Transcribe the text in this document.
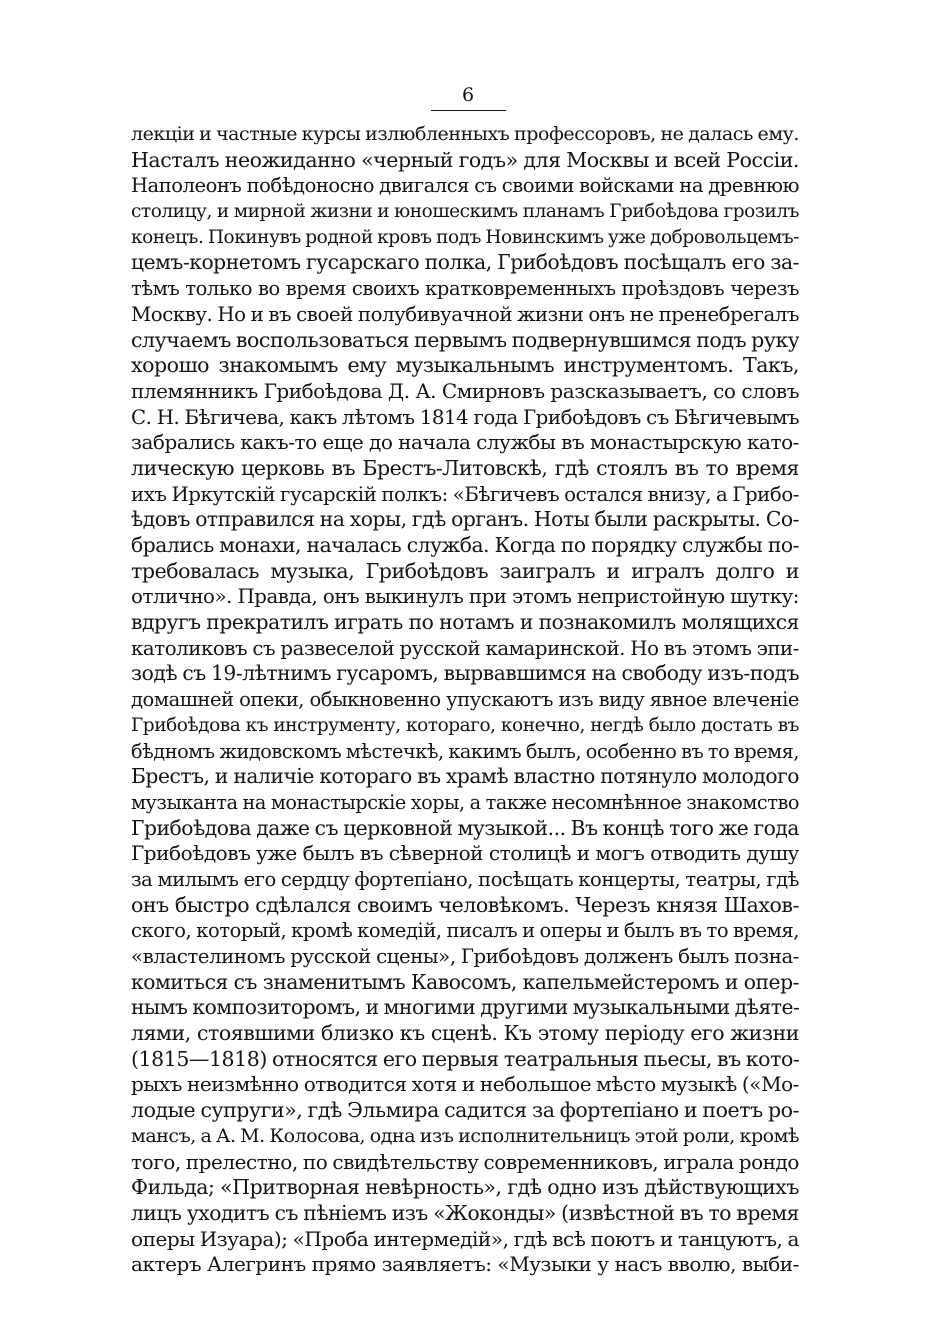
6
лекціи и частные курсы излюбленныхъ профессоровъ, не далась ему.
Насталъ неожиданно «черный годъ» для Москвы и всей Россіи.
Наполеонъ побѣдоносно двигался съ своими войсками на древнюю
столицу, и мирной жизни и юношескимъ планамъ Грибоѣдова грозилъ
конецъ. Покинувъ родной кровъ подъ Новинскимъ уже добровольцемъ-
цемъ-корнетомъ гусарскаго полка, Грибоѣдовъ посѣщалъ его за-
тѣмъ только во время своихъ кратковременныхъ проѣздовъ черезъ
Москву. Но и въ своей полубивуачной жизни онъ не пренебрегалъ
случаемъ воспользоваться первымъ подвернувшимся подъ руку
хорошо знакомымъ ему музыкальнымъ инструментомъ. Такъ,
племянникъ Грибоѣдова Д. А. Смирновъ разсказываетъ, со словъ
С. Н. Бѣгичева, какъ лѣтомъ 1814 года Грибоѣдовъ съ Бѣгичевымъ
забрались какъ-то еще до начала службы въ монастырскую като-
лическую церковь въ Брестъ-Литовскѣ, гдѣ стоялъ въ то время
ихъ Иркутскій гусарскій полкъ: «Бѣгичевъ остался внизу, а Грибо-
ѣдовъ отправился на хоры, гдѣ органъ. Ноты были раскрыты. Со-
брались монахи, началась служба. Когда по порядку службы по-
требовалась музыка, Грибоѣдовъ заигралъ и игралъ долго и
отлично». Правда, онъ выкинулъ при этомъ непристойную шутку:
вдругъ прекратилъ играть по нотамъ и познакомилъ молящихся
католиковъ съ развеселой русской камаринской. Но въ этомъ эпи-
зодѣ съ 19-лѣтнимъ гусаромъ, вырвавшимся на свободу изъ-подъ
домашней опеки, обыкновенно упускаютъ изъ виду явное влеченіе
Грибоѣдова къ инструменту, котораго, конечно, негдѣ было достать въ
бѣдномъ жидовскомъ мѣстечкѣ, какимъ былъ, особенно въ то время,
Брестъ, и наличіе котораго въ храмѣ властно потянуло молодого
музыканта на монастырскіе хоры, а также несомнѣнное знакомство
Грибоѣдова даже съ церковной музыкой... Въ концѣ того же года
Грибоѣдовъ уже былъ въ сѣверной столицѣ и могъ отводить душу
за милымъ его сердцу фортепіано, посѣщать концерты, театры, гдѣ
онъ быстро сдѣлался своимъ человѣкомъ. Черезъ князя Шахов-
ского, который, кромѣ комедій, писалъ и оперы и былъ въ то время,
«властелиномъ русской сцены», Грибоѣдовъ долженъ былъ позна-
комиться съ знаменитымъ Кавосомъ, капельмейстеромъ и опер-
нымъ композиторомъ, и многими другими музыкальными дѣяте-
лями, стоявшими близко къ сценѣ. Къ этому періоду его жизни
(1815—1818) относятся его первыя театральныя пьесы, въ кото-
рыхъ неизмѣнно отводится хотя и небольшое мѣсто музыкѣ («Мо-
лодые супруги», гдѣ Эльмира садится за фортепіано и поетъ ро-
мансъ, а А. М. Колосова, одна изъ исполнительницъ этой роли, кромѣ
того, прелестно, по свидѣтельству современниковъ, играла рондо
Фильда; «Притворная невѣрность», гдѣ одно изъ дѣйствующихъ
лицъ уходитъ съ пѣніемъ изъ «Жоконды» (извѣстной въ то время
оперы Изуара); «Проба интермедій», гдѣ всѣ поютъ и танцуютъ, а
актеръ Алегринъ прямо заявляетъ: «Музыки у насъ вволю, выби-
